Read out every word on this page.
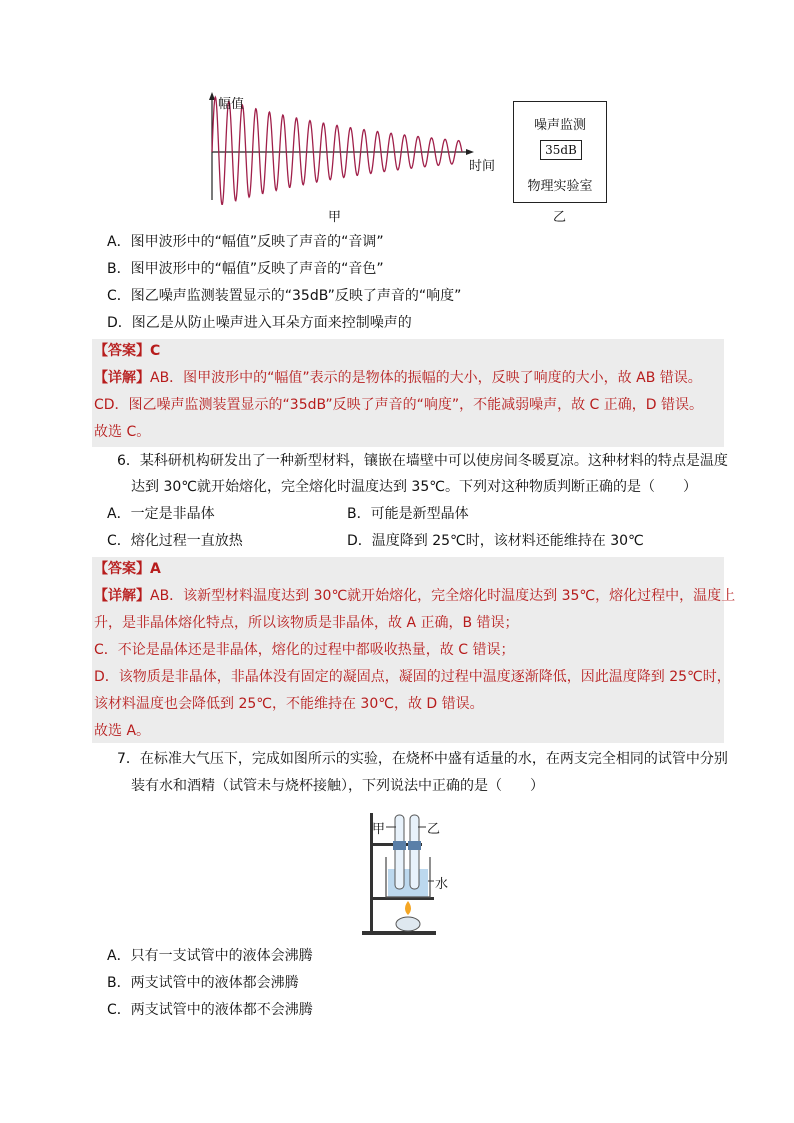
幅值
时间
甲
噪声监测
35dB
物理实验室
乙
A．图甲波形中的“幅值”反映了声音的“音调”
B．图甲波形中的“幅值”反映了声音的“音色”
C．图乙噪声监测装置显示的“35dB”反映了声音的“响度”
D．图乙是从防止噪声进入耳朵方面来控制噪声的
【答案】C
【详解】AB．图甲波形中的“幅值”表示的是物体的振幅的大小，反映了响度的大小，故 AB 错误。
CD．图乙噪声监测装置显示的“35dB”反映了声音的“响度”，不能减弱噪声，故 C 正确，D 错误。
故选 C。
6．某科研机构研发出了一种新型材料，镶嵌在墙壁中可以使房间冬暖夏凉。这种材料的特点是温度
达到 30℃就开始熔化，完全熔化时温度达到 35℃。下列对这种物质判断正确的是（　　）
A．一定是非晶体	B．可能是新型晶体
C．熔化过程一直放热	D．温度降到 25℃时，该材料还能维持在 30℃
【答案】A
【详解】AB．该新型材料温度达到 30℃就开始熔化，完全熔化时温度达到 35℃，熔化过程中，温度上
升，是非晶体熔化特点，所以该物质是非晶体，故 A 正确，B 错误；
C．不论是晶体还是非晶体，熔化的过程中都吸收热量，故 C 错误；
D．该物质是非晶体，非晶体没有固定的凝固点，凝固的过程中温度逐渐降低，因此温度降到 25℃时，
该材料温度也会降低到 25℃，不能维持在 30℃，故 D 错误。
故选 A。
7．在标准大气压下，完成如图所示的实验，在烧杯中盛有适量的水，在两支完全相同的试管中分别
装有水和酒精（试管未与烧杯接触），下列说法中正确的是（　　）
甲	乙
水
A．只有一支试管中的液体会沸腾
B．两支试管中的液体都会沸腾
C．两支试管中的液体都不会沸腾
